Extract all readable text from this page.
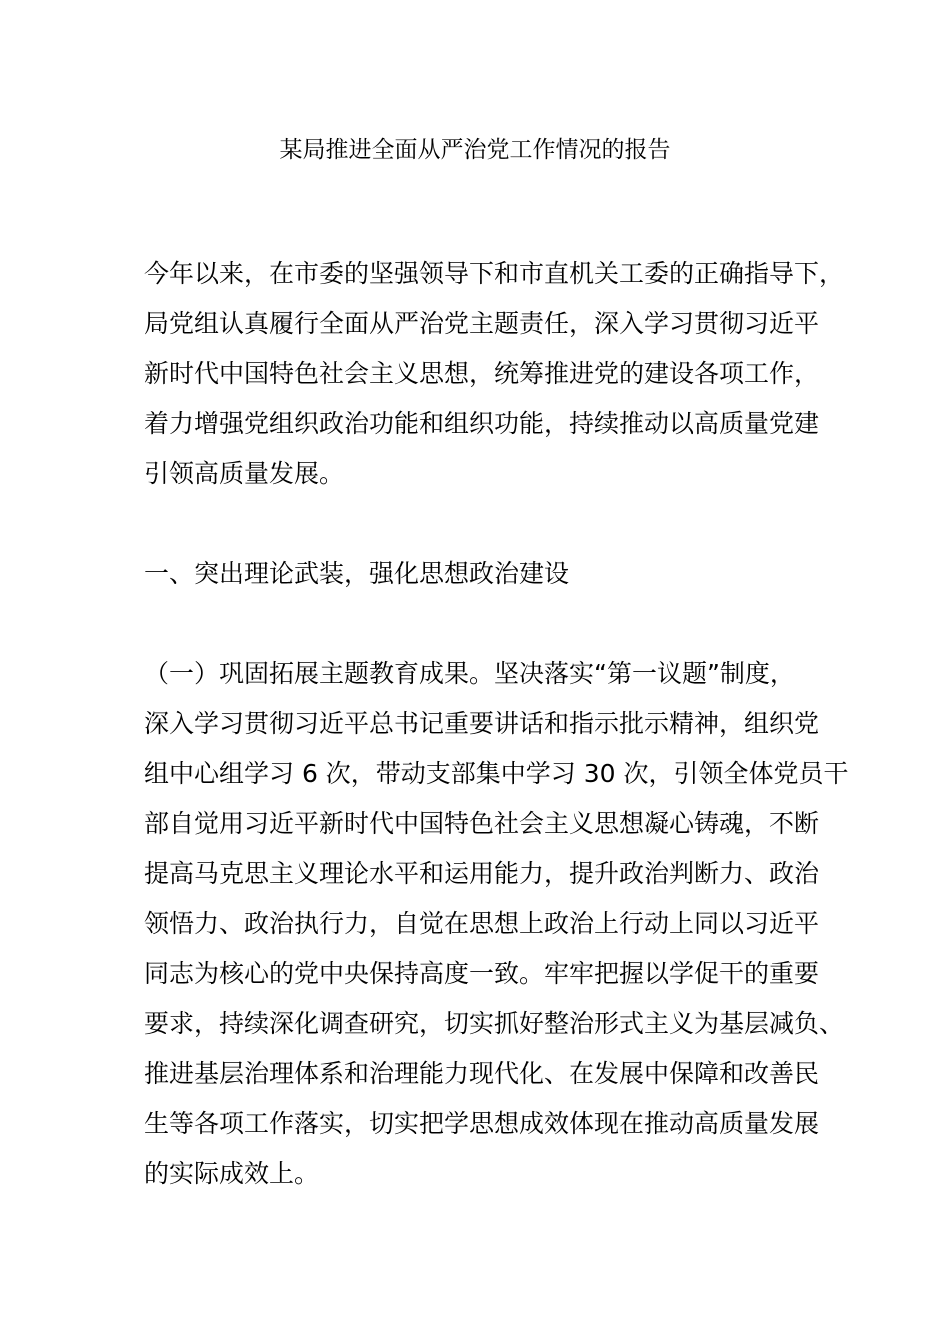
某局推进全面从严治党工作情况的报告
今年以来，在市委的坚强领导下和市直机关工委的正确指导下，
局党组认真履行全面从严治党主题责任，深入学习贯彻习近平
新时代中国特色社会主义思想，统筹推进党的建设各项工作，
着力增强党组织政治功能和组织功能，持续推动以高质量党建
引领高质量发展。
一、突出理论武装，强化思想政治建设
（一）巩固拓展主题教育成果。坚决落实“第一议题”制度，
深入学习贯彻习近平总书记重要讲话和指示批示精神，组织党
组中心组学习 6 次，带动支部集中学习 30 次，引领全体党员干
部自觉用习近平新时代中国特色社会主义思想凝心铸魂，不断
提高马克思主义理论水平和运用能力，提升政治判断力、政治
领悟力、政治执行力，自觉在思想上政治上行动上同以习近平
同志为核心的党中央保持高度一致。牢牢把握以学促干的重要
要求，持续深化调查研究，切实抓好整治形式主义为基层减负、
推进基层治理体系和治理能力现代化、在发展中保障和改善民
生等各项工作落实，切实把学思想成效体现在推动高质量发展
的实际成效上。
